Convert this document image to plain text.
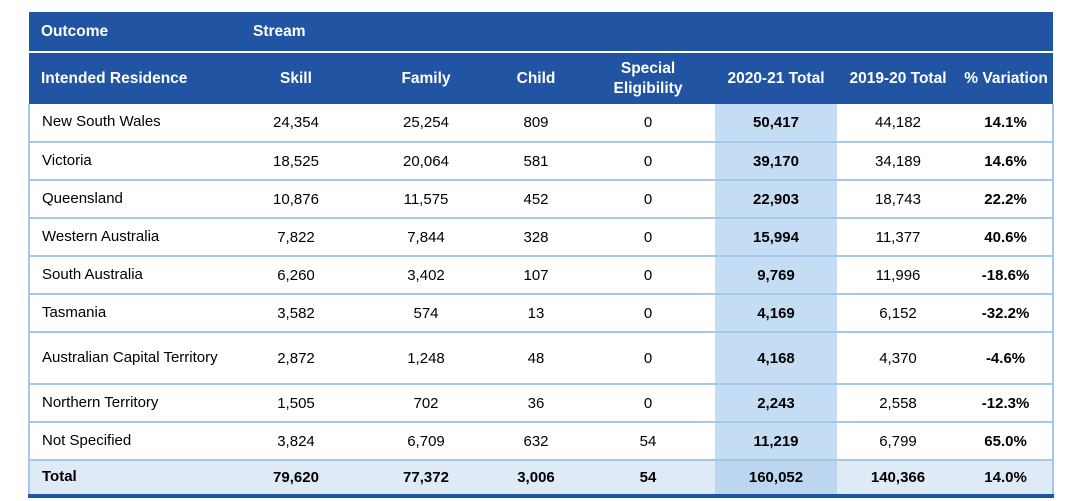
Outcome	Stream						
Intended Residence	Skill	Family	Child	Special Eligibility	2020-21 Total	2019-20 Total	% Variation
New South Wales	24,354	25,254	809	0	50,417	44,182	14.1%
Victoria	18,525	20,064	581	0	39,170	34,189	14.6%
Queensland	10,876	11,575	452	0	22,903	18,743	22.2%
Western Australia	7,822	7,844	328	0	15,994	11,377	40.6%
South Australia	6,260	3,402	107	0	9,769	11,996	-18.6%
Tasmania	3,582	574	13	0	4,169	6,152	-32.2%
Australian Capital Territory	2,872	1,248	48	0	4,168	4,370	-4.6%
Northern Territory	1,505	702	36	0	2,243	2,558	-12.3%
Not Specified	3,824	6,709	632	54	11,219	6,799	65.0%
Total	79,620	77,372	3,006	54	160,052	140,366	14.0%
